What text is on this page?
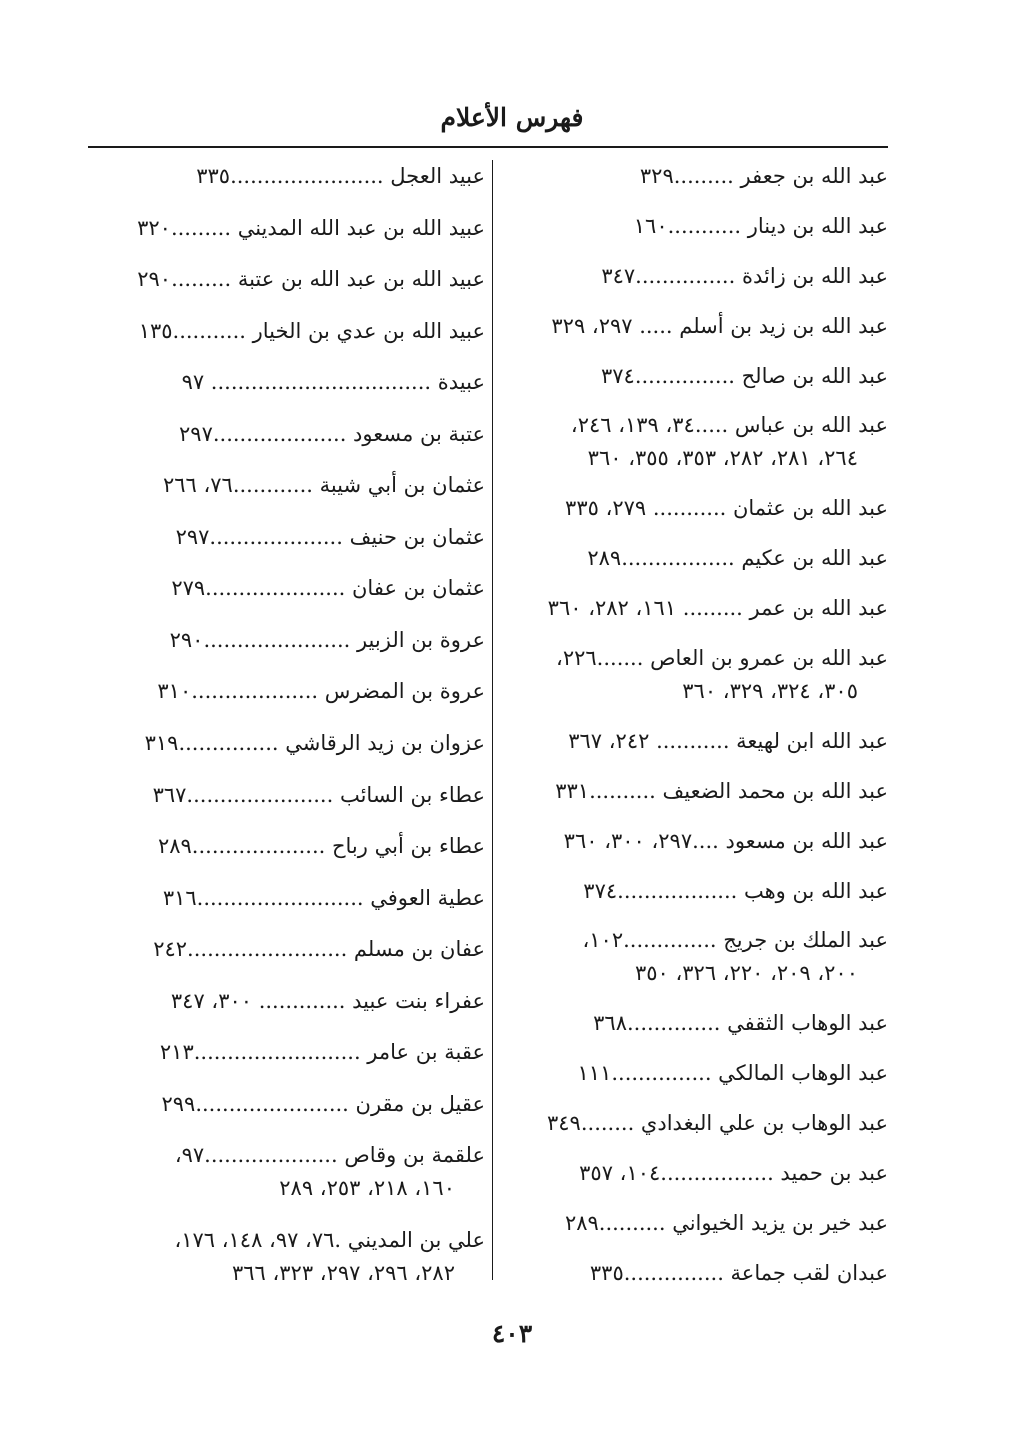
فهرس الأعلام
عبد الله بن جعفر .........٣٢٩
عبد الله بن دينار ...........١٦٠
عبد الله بن زائدة ...............٣٤٧
عبد الله بن زيد بن أسلم ..... ٢٩٧، ٣٢٩
عبد الله بن صالح ...............٣٧٤
عبد الله بن عباس .....٣٤، ١٣٩، ٢٤٦،
٢٦٤، ٢٨١، ٢٨٢، ٣٥٣، ٣٥٥، ٣٦٠
عبد الله بن عثمان ........... ٢٧٩، ٣٣٥
عبد الله بن عكيم .................٢٨٩
عبد الله بن عمر ......... ١٦١، ٢٨٢، ٣٦٠
عبد الله بن عمرو بن العاص .......٢٢٦،
٣٠٥، ٣٢٤، ٣٢٩، ٣٦٠
عبد الله ابن لهيعة ........... ٢٤٢، ٣٦٧
عبد الله بن محمد الضعيف ..........٣٣١
عبد الله بن مسعود ....٢٩٧، ٣٠٠، ٣٦٠
عبد الله بن وهب ..................٣٧٤
عبد الملك بن جريج ..............١٠٢،
٢٠٠، ٢٠٩، ٢٢٠، ٣٢٦، ٣٥٠
عبد الوهاب الثقفي ..............٣٦٨
عبد الوهاب المالكي ...............١١١
عبد الوهاب بن علي البغدادي ........٣٤٩
عبد بن حميد .................١٠٤، ٣٥٧
عبد خير بن يزيد الخيواني ..........٢٨٩
عبدان لقب جماعة ...............٣٣٥
عبيد العجل .......................٣٣٥
عبيد الله بن عبد الله المديني .........٣٢٠
عبيد الله بن عبد الله بن عتبة .........٢٩٠
عبيد الله بن عدي بن الخيار ...........١٣٥
عبيدة ................................. ٩٧
عتبة بن مسعود ....................٢٩٧
عثمان بن أبي شيبة ............٧٦، ٢٦٦
عثمان بن حنيف ....................٢٩٧
عثمان بن عفان .....................٢٧٩
عروة بن الزبير ......................٢٩٠
عروة بن المضرس ...................٣١٠
عزوان بن زيد الرقاشي ...............٣١٩
عطاء بن السائب ......................٣٦٧
عطاء بن أبي رباح ....................٢٨٩
عطية العوفي .........................٣١٦
عفان بن مسلم ........................٢٤٢
عفراء بنت عبيد ............. ٣٠٠، ٣٤٧
عقبة بن عامر .........................٢١٣
عقيل بن مقرن .......................٢٩٩
علقمة بن وقاص ....................٩٧،
١٦٠، ٢١٨، ٢٥٣، ٢٨٩
علي بن المديني .٧٦، ٩٧، ١٤٨، ١٧٦،
٢٨٢، ٢٩٦، ٢٩٧، ٣٢٣، ٣٦٦
٤٠٣
